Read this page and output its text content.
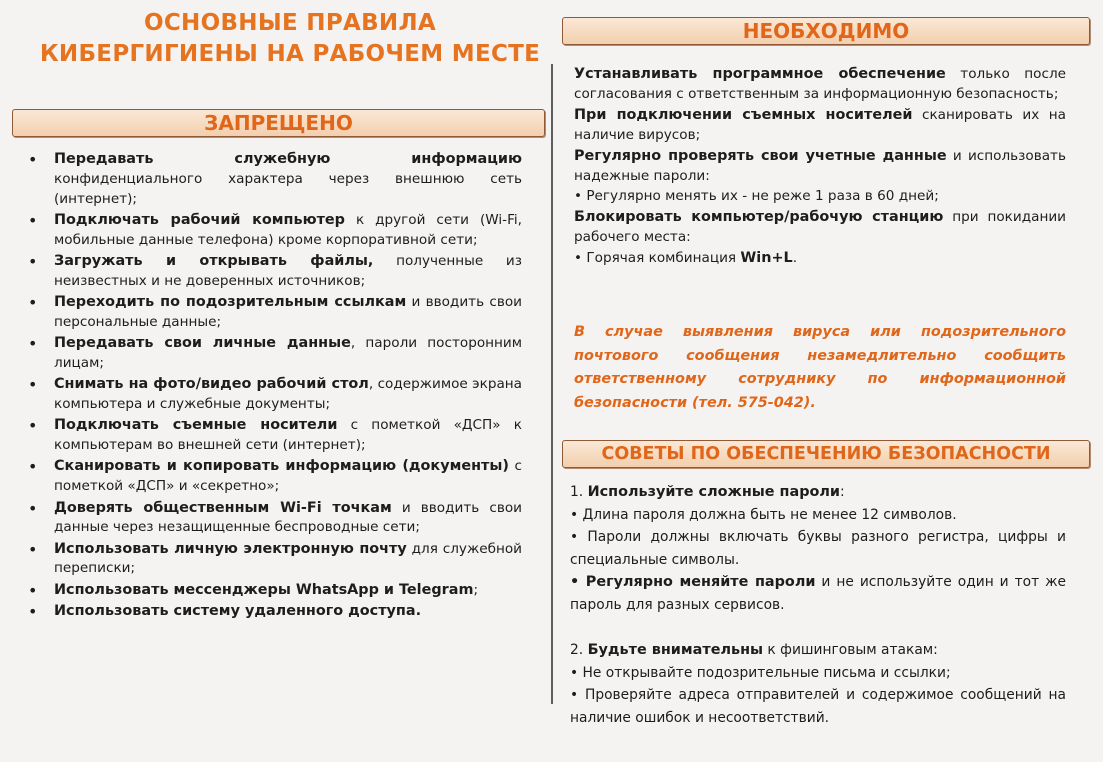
ОСНОВНЫЕ ПРАВИЛА
КИБЕРГИГИЕНЫ НА РАБОЧЕМ МЕСТЕ
ЗАПРЕЩЕНО
• Передавать служебную информацию конфиденциального характера через внешнюю сеть (интернет);
• Подключать рабочий компьютер к другой сети (Wi-Fi, мобильные данные телефона) кроме корпоративной сети;
• Загружать и открывать файлы, полученные из неизвестных и не доверенных источников;
• Переходить по подозрительным ссылкам и вводить свои персональные данные;
• Передавать свои личные данные, пароли посторонним лицам;
• Снимать на фото/видео рабочий стол, содержимое экрана компьютера и служебные документы;
• Подключать съемные носители с пометкой «ДСП» к компьютерам во внешней сети (интернет);
• Сканировать и копировать информацию (документы) с пометкой «ДСП» и «секретно»;
• Доверять общественным Wi-Fi точкам и вводить свои данные через незащищенные беспроводные сети;
• Использовать личную электронную почту для служебной переписки;
• Использовать мессенджеры WhatsApp и Telegram;
• Использовать систему удаленного доступа.
НЕОБХОДИМО

Устанавливать программное обеспечение только после согласования с ответственным за информационную безопасность;

При подключении съемных носителей сканировать их на наличие вирусов;

Регулярно проверять свои учетные данные и использовать надежные пароли:

• Регулярно менять их - не реже 1 раза в 60 дней;

Блокировать компьютер/рабочую станцию при покидании рабочего места:

• Горячая комбинация Win+L.

В случае выявления вируса или подозрительного почтового сообщения незамедлительно сообщить ответственному сотруднику по информационной безопасности (тел. 575-042).
СОВЕТЫ ПО ОБЕСПЕЧЕНИЮ БЕЗОПАСНОСТИ

1. Используйте сложные пароли:

• Длина пароля должна быть не менее 12 символов.

• Пароли должны включать буквы разного регистра, цифры и специальные символы.

• Регулярно меняйте пароли и не используйте один и тот же пароль для разных сервисов.

2. Будьте внимательны к фишинговым атакам:

• Не открывайте подозрительные письма и ссылки;

• Проверяйте адреса отправителей и содержимое сообщений на наличие ошибок и несоответствий.
